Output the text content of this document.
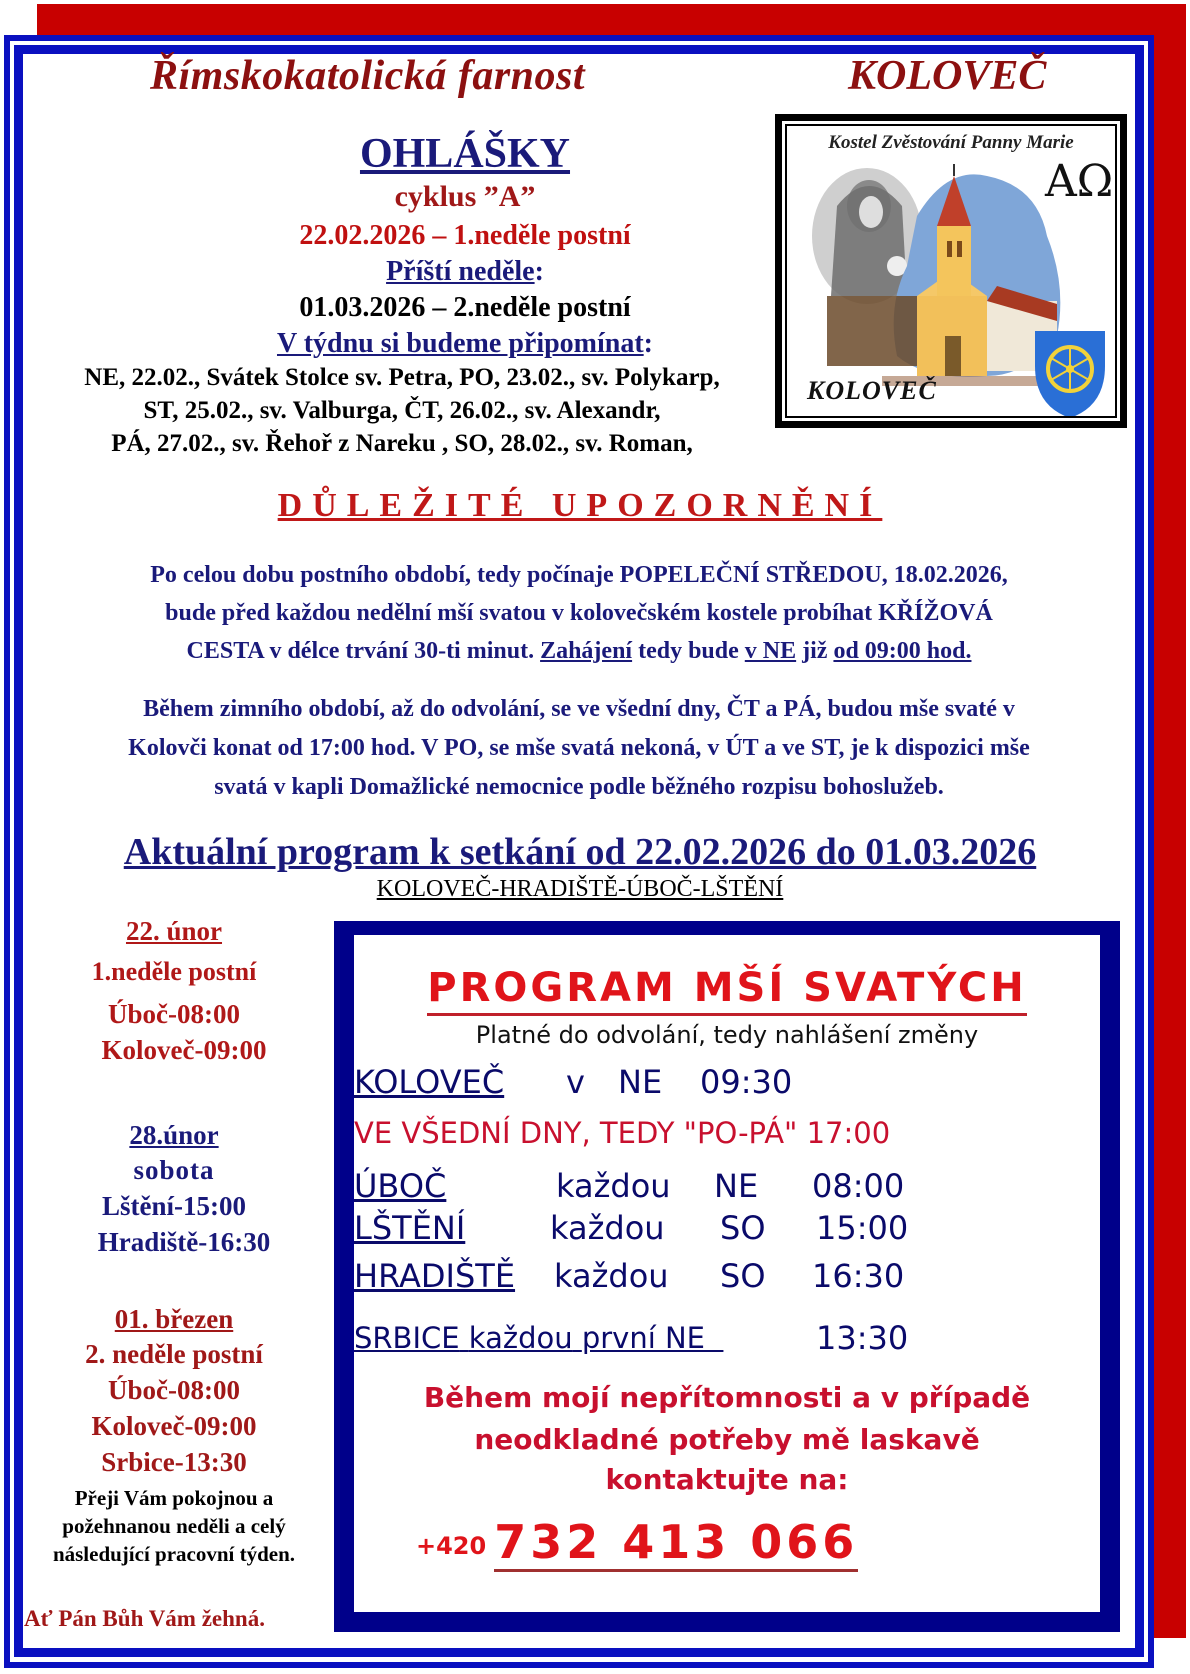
Římskokatolická farnost	KOLOVEČ
OHLÁŠKY
cyklus ”A”
22.02.2026 – 1.neděle postní
Příští neděle:
01.03.2026 – 2.neděle postní
V týdnu si budeme připomínat:
NE, 22.02., Svátek Stolce sv. Petra, PO, 23.02., sv. Polykarp,
ST, 25.02., sv. Valburga, ČT, 26.02., sv. Alexandr,
PÁ, 27.02., sv. Řehoř z Nareku , SO, 28.02., sv. Roman,
Kostel Zvěstování Panny Marie
AΩ
KOLOVEČ
DŮLEŽITÉ UPOZORNĚNÍ
Po celou dobu postního období, tedy počínaje POPELEČNÍ STŘEDOU, 18.02.2026,
bude před každou nedělní mší svatou v kolovečském kostele probíhat KŘÍŽOVÁ
CESTA v délce trvání 30-ti minut. Zahájení tedy bude v NE již od 09:00 hod.
Během zimního období, až do odvolání, se ve všední dny, ČT a PÁ, budou mše svaté v
Kolovči konat od 17:00 hod. V PO, se mše svatá nekoná, v ÚT a ve ST, je k dispozici mše
svatá v kapli Domažlické nemocnice podle běžného rozpisu bohoslužeb.
Aktuální program k setkání od 22.02.2026 do 01.03.2026
KOLOVEČ-HRADIŠTĚ-ÚBOČ-LŠTĚNÍ
22. únor
1.neděle postní
Úboč-08:00
Koloveč-09:00
28.únor
sobota
Lštění-15:00
Hradiště-16:30
01. březen
2. neděle postní
Úboč-08:00
Koloveč-09:00
Srbice-13:30
Přeji Vám pokojnou a
požehnanou neděli a celý
následující pracovní týden.
Ať Pán Bůh Vám žehná.
PROGRAM MŠÍ SVATÝCH
Platné do odvolání, tedy nahlášení změny
KOLOVEČ v NE 09:30
VE VŠEDNÍ DNY, TEDY "PO-PÁ" 17:00
ÚBOČ	každou NE 08:00
LŠTĚNÍ	každou SO 15:00
HRADIŠTĚ každou SO 16:30
SRBICE každou první NE	13:30
Během mojí nepřítomnosti a v případě
neodkladné potřeby mě laskavě
kontaktujte na:
+420 732 413 066
